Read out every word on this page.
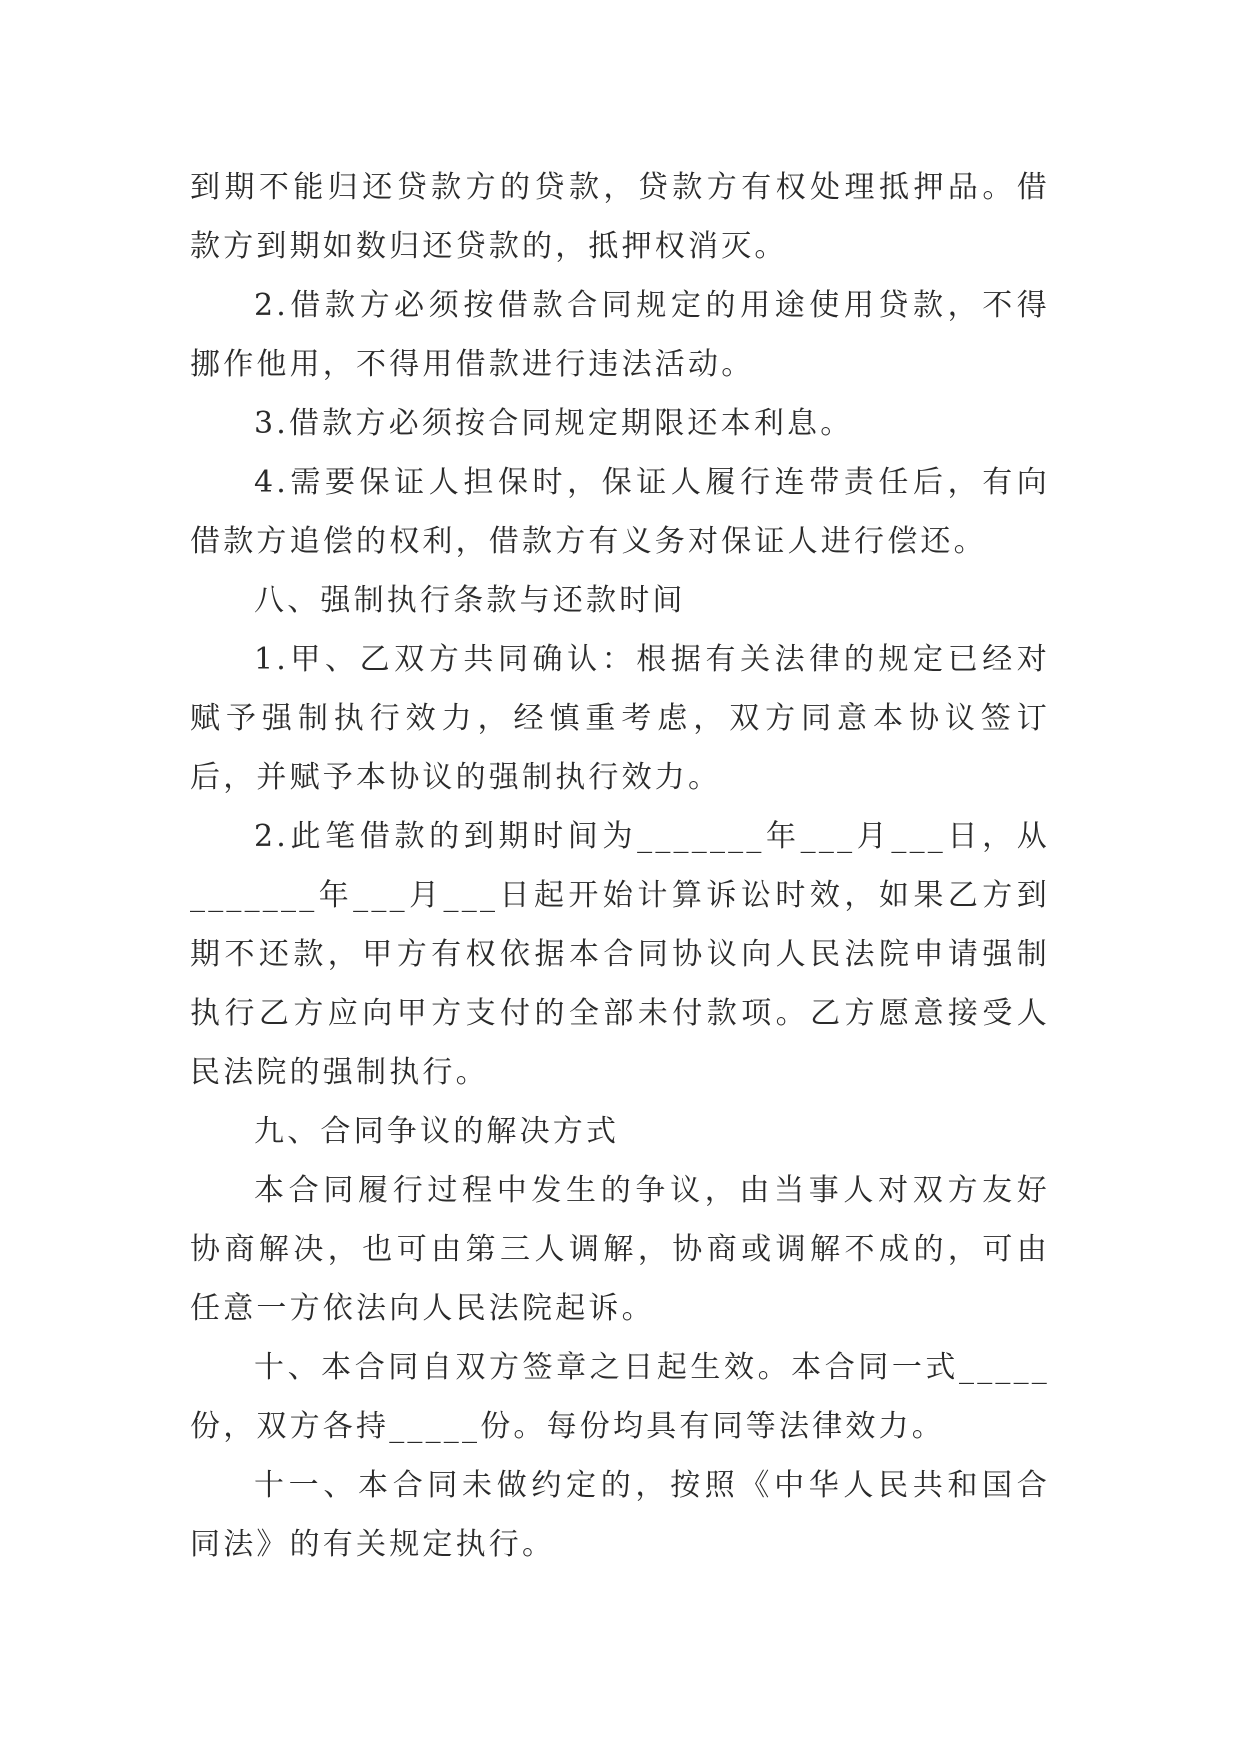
到期不能归还贷款方的贷款，贷款方有权处理抵押品。借款方到期如数归还贷款的，抵押权消灭。

2.借款方必须按借款合同规定的用途使用贷款，不得挪作他用，不得用借款进行违法活动。

3.借款方必须按合同规定期限还本利息。

4.需要保证人担保时，保证人履行连带责任后，有向借款方追偿的权利，借款方有义务对保证人进行偿还。

八、强制执行条款与还款时间

1.甲、乙双方共同确认：根据有关法律的规定已经对赋予强制执行效力，经慎重考虑，双方同意本协议签订后，并赋予本协议的强制执行效力。

2.此笔借款的到期时间为_______年___月___日，从_______年___月___日起开始计算诉讼时效，如果乙方到期不还款，甲方有权依据本合同协议向人民法院申请强制执行乙方应向甲方支付的全部未付款项。乙方愿意接受人民法院的强制执行。

九、合同争议的解决方式

本合同履行过程中发生的争议，由当事人对双方友好协商解决，也可由第三人调解，协商或调解不成的，可由任意一方依法向人民法院起诉。

十、本合同自双方签章之日起生效。本合同一式_____份，双方各持_____份。每份均具有同等法律效力。

十一、本合同未做约定的，按照《中华人民共和国合同法》的有关规定执行。
